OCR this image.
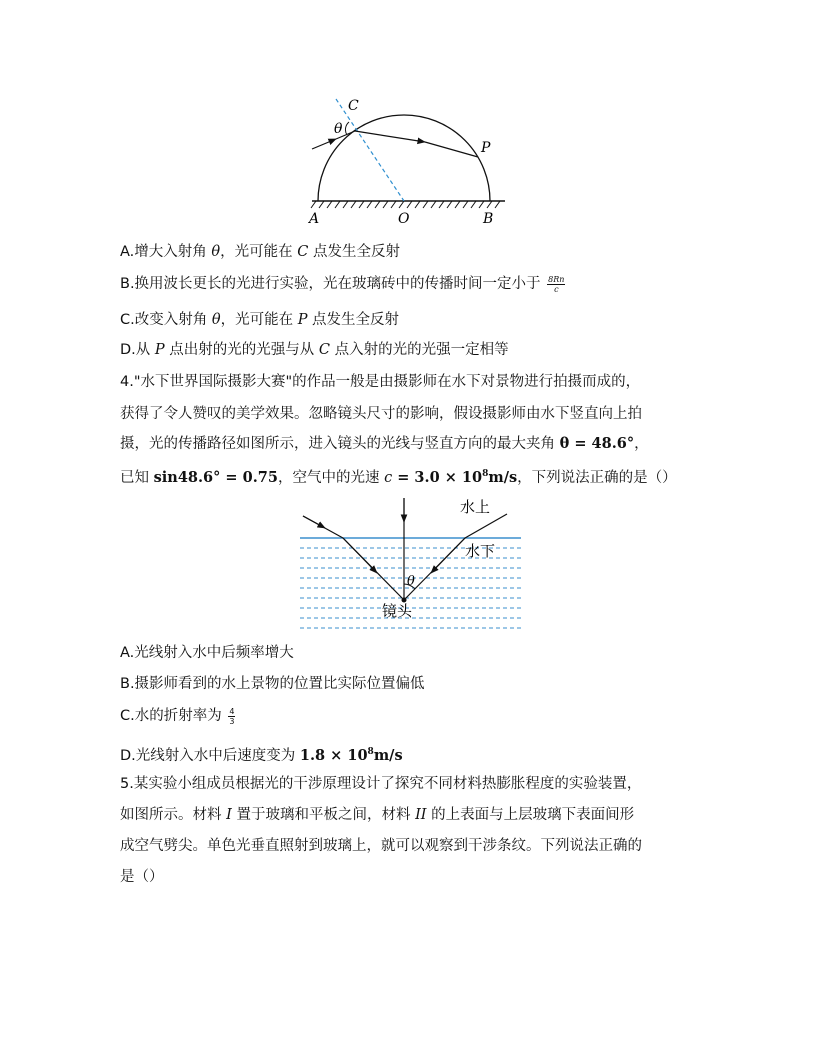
C
θ
P
A	O	B
A.增大入射角 θ，光可能在 C 点发生全反射
B.换用波长更长的光进行实验，光在玻璃砖中的传播时间一定小于 $\frac{8Rn}{c}$
C.改变入射角 θ，光可能在 P 点发生全反射
D.从 P 点出射的光的光强与从 C 点入射的光的光强一定相等
4."水下世界国际摄影大赛"的作品一般是由摄影师在水下对景物进行拍摄而成的，
获得了令人赞叹的美学效果。忽略镜头尺寸的影响，假设摄影师由水下竖直向上拍
摄，光的传播路径如图所示，进入镜头的光线与竖直方向的最大夹角 θ = 48.6°，
已知 sin48.6° = 0.75，空气中的光速 $c = 3.0 \times 10^8m/s$，下列说法正确的是（）
水上
水下
θ
镜头
A.光线射入水中后频率增大
B.摄影师看到的水上景物的位置比实际位置偏低
C.水的折射率为 $\frac{4}{3}$
D.光线射入水中后速度变为 $1.8 \times 10^8m/s$
5.某实验小组成员根据光的干涉原理设计了探究不同材料热膨胀程度的实验装置，
如图所示。材料 I 置于玻璃和平板之间，材料 II 的上表面与上层玻璃下表面间形
成空气劈尖。单色光垂直照射到玻璃上，就可以观察到干涉条纹。下列说法正确的
是（）
